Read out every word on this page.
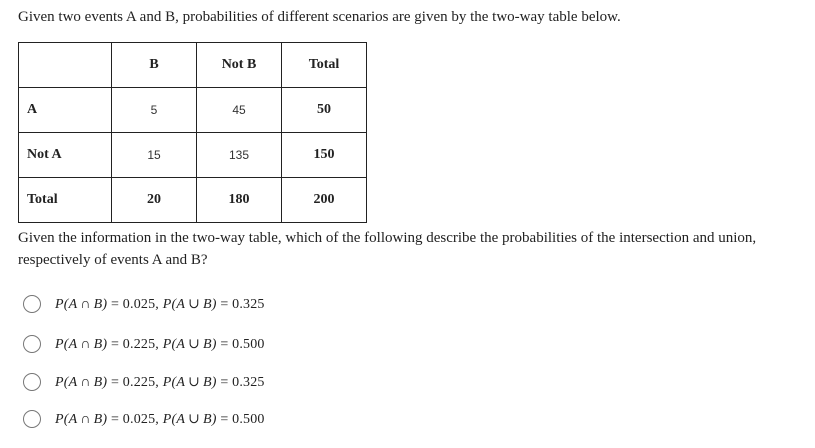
Given two events A and B, probabilities of different scenarios are given by the two-way table below.
	B	Not B	Total
A	5	45	50
Not A	15	135	150
Total	20	180	200
Given the information in the two-way table, which of the following describe the probabilities of the intersection and union, respectively of events A and B?
P(A ∩ B) = 0.025, P(A ∪ B) = 0.325
P(A ∩ B) = 0.225, P(A ∪ B) = 0.500
P(A ∩ B) = 0.225, P(A ∪ B) = 0.325
P(A ∩ B) = 0.025, P(A ∪ B) = 0.500
